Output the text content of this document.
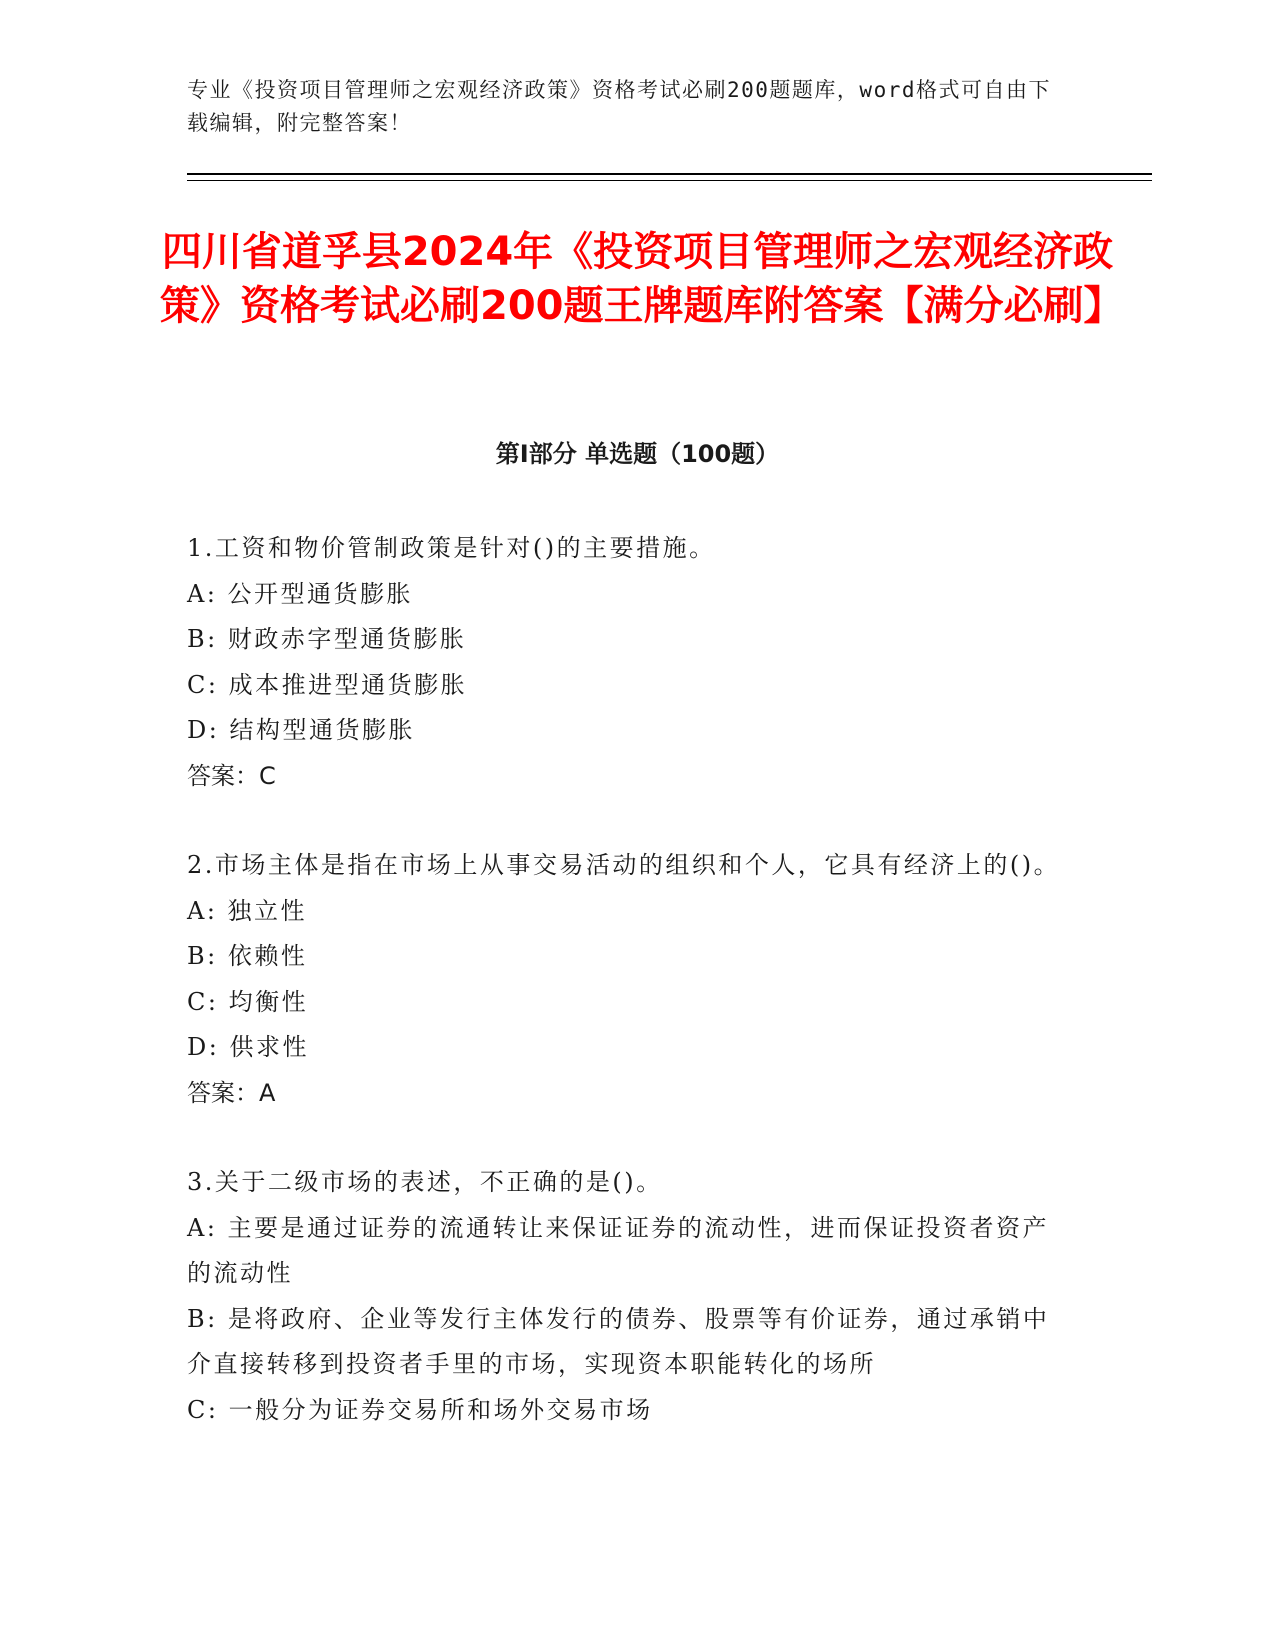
专业《投资项目管理师之宏观经济政策》资格考试必刷200题题库，word格式可自由下载编辑，附完整答案！

四川省道孚县2024年《投资项目管理师之宏观经济政策》资格考试必刷200题王牌题库附答案【满分必刷】
第I部分 单选题（100题）
1.工资和物价管制政策是针对()的主要措施。
A: 公开型通货膨胀
B: 财政赤字型通货膨胀
C: 成本推进型通货膨胀
D: 结构型通货膨胀
答案：C
2.市场主体是指在市场上从事交易活动的组织和个人，它具有经济上的()。
A: 独立性
B: 依赖性
C: 均衡性
D: 供求性
答案：A
3.关于二级市场的表述，不正确的是()。
A: 主要是通过证券的流通转让来保证证券的流动性，进而保证投资者资产的流动性
B: 是将政府、企业等发行主体发行的债券、股票等有价证券，通过承销中介直接转移到投资者手里的市场，实现资本职能转化的场所
C: 一般分为证券交易所和场外交易市场
